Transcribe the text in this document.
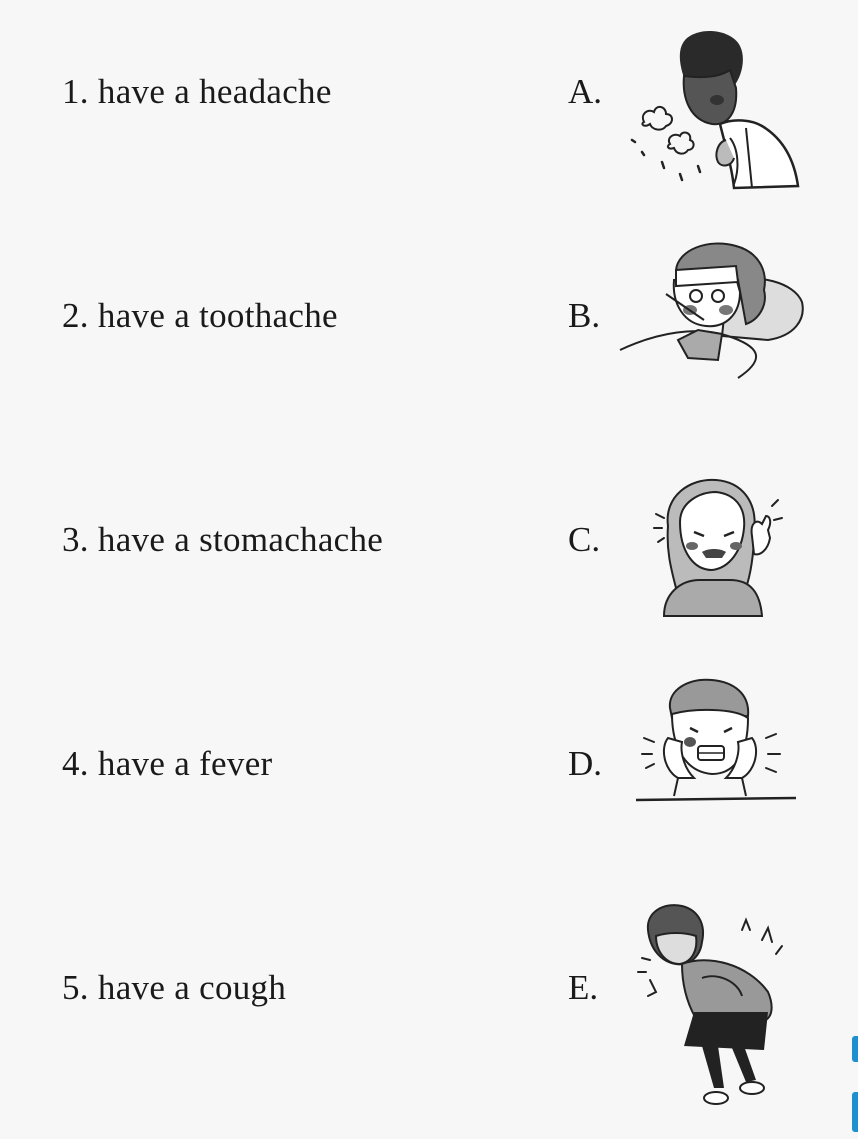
1. have a headache	A.
2. have a toothache	B.
3. have a stomachache	C.
4. have a fever	D.
5. have a cough	E.
